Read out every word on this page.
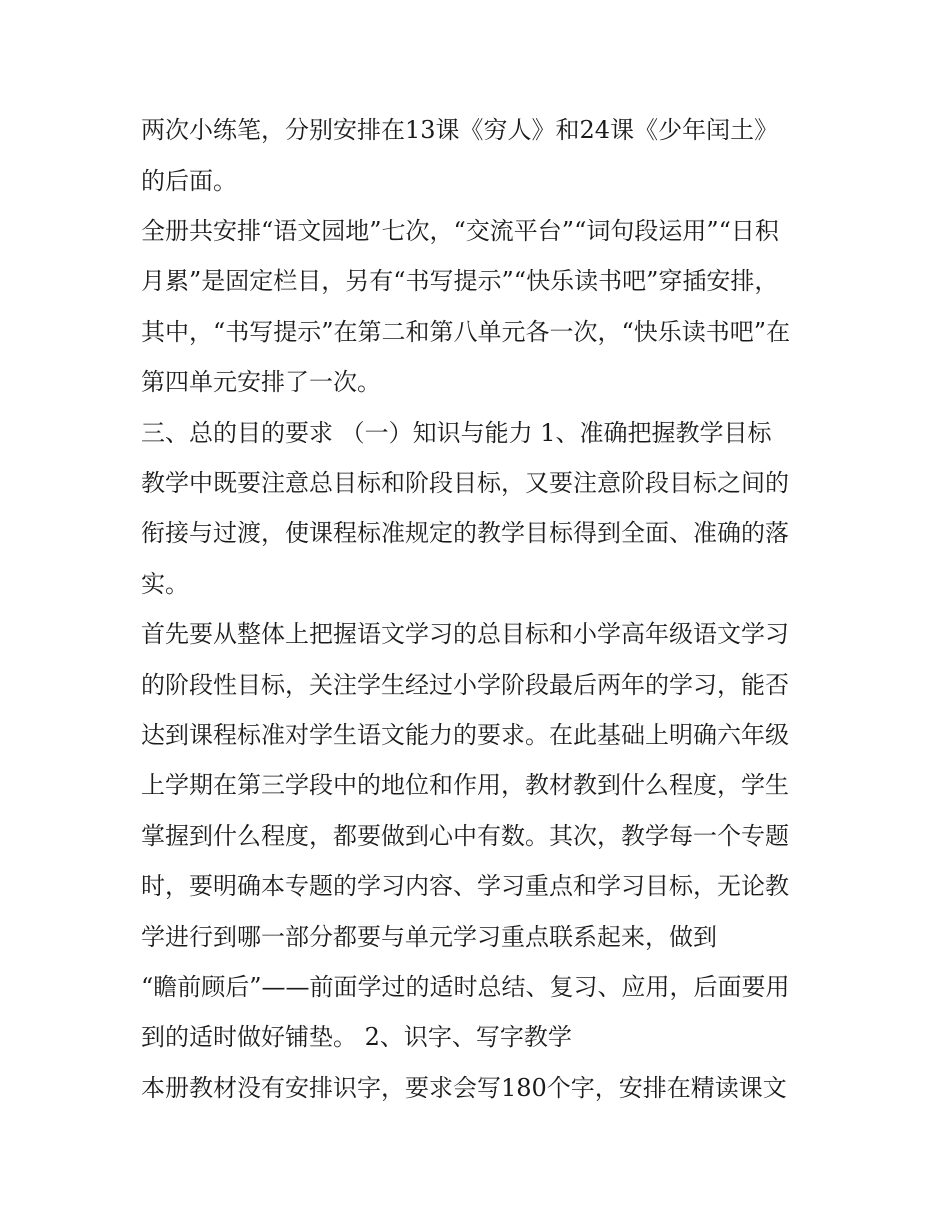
两次小练笔，分别安排在13课《穷人》和24课《少年闰土》
的后面。
全册共安排“语文园地”七次，“交流平台”“词句段运用”“日积
月累”是固定栏目，另有“书写提示”“快乐读书吧”穿插安排，
其中，“书写提示”在第二和第八单元各一次，“快乐读书吧”在
第四单元安排了一次。
三、总的目的要求 （一）知识与能力 1、准确把握教学目标
教学中既要注意总目标和阶段目标，又要注意阶段目标之间的
衔接与过渡，使课程标准规定的教学目标得到全面、准确的落
实。
首先要从整体上把握语文学习的总目标和小学高年级语文学习
的阶段性目标，关注学生经过小学阶段最后两年的学习，能否
达到课程标准对学生语文能力的要求。在此基础上明确六年级
上学期在第三学段中的地位和作用，教材教到什么程度，学生
掌握到什么程度，都要做到心中有数。其次，教学每一个专题
时，要明确本专题的学习内容、学习重点和学习目标，无论教
学进行到哪一部分都要与单元学习重点联系起来，做到
“瞻前顾后”——前面学过的适时总结、复习、应用，后面要用
到的适时做好铺垫。 2、识字、写字教学
本册教材没有安排识字，要求会写180个字，安排在精读课文
